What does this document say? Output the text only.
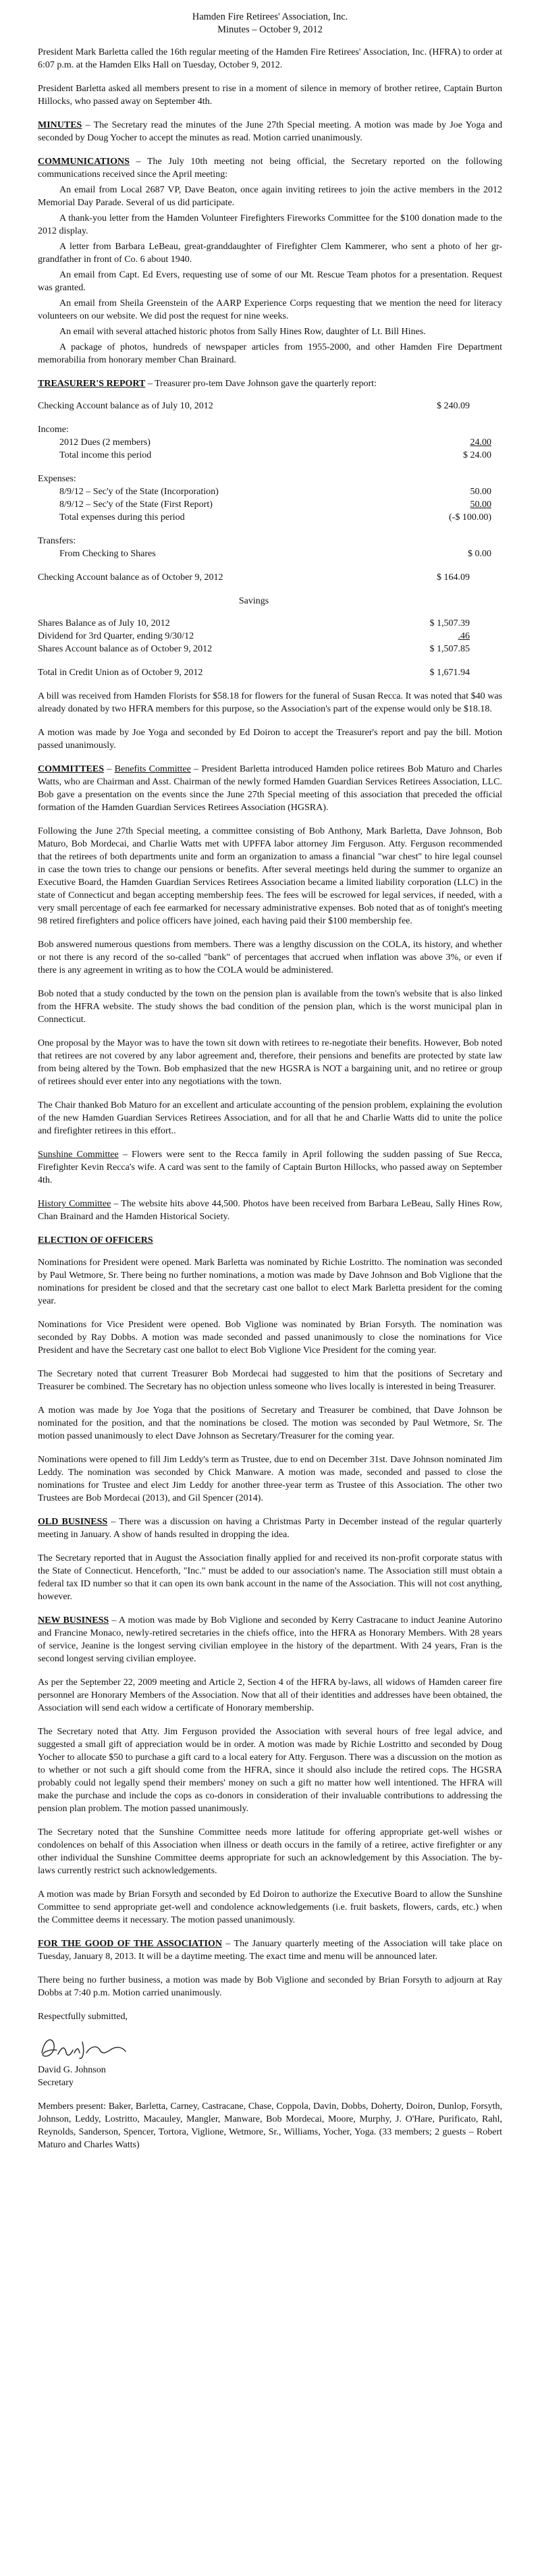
Hamden Fire Retirees' Association, Inc.
Minutes – October 9, 2012

President Mark Barletta called the 16th regular meeting of the Hamden Fire Retirees' Association, Inc. (HFRA) to order at 6:07 p.m. at the Hamden Elks Hall on Tuesday, October 9, 2012.

President Barletta asked all members present to rise in a moment of silence in memory of brother retiree, Captain Burton Hillocks, who passed away on September 4th.

MINUTES – The Secretary read the minutes of the June 27th Special meeting. A motion was made by Joe Yoga and seconded by Doug Yocher to accept the minutes as read. Motion carried unanimously.

COMMUNICATIONS – The July 10th meeting not being official, the Secretary reported on the following communications received since the April meeting:

An email from Local 2687 VP, Dave Beaton, once again inviting retirees to join the active members in the 2012 Memorial Day Parade. Several of us did participate.

A thank-you letter from the Hamden Volunteer Firefighters Fireworks Committee for the $100 donation made to the 2012 display.

A letter from Barbara LeBeau, great-granddaughter of Firefighter Clem Kammerer, who sent a photo of her gr-grandfather in front of Co. 6 about 1940.

An email from Capt. Ed Evers, requesting use of some of our Mt. Rescue Team photos for a presentation. Request was granted.

An email from Sheila Greenstein of the AARP Experience Corps requesting that we mention the need for literacy volunteers on our website. We did post the request for nine weeks.

An email with several attached historic photos from Sally Hines Row, daughter of Lt. Bill Hines.

A package of photos, hundreds of newspaper articles from 1955-2000, and other Hamden Fire Department memorabilia from honorary member Chan Brainard.

TREASURER'S REPORT – Treasurer pro-tem Dave Johnson gave the quarterly report:

Checking Account balance as of July 10, 2012	$ 240.09
Income:
2012 Dues (2 members)	24.00
Total income this period	$ 24.00
Expenses:
8/9/12 – Sec'y of the State (Incorporation)	50.00
8/9/12 – Sec'y of the State (First Report)	50.00
Total expenses during this period	(-$ 100.00)
Transfers:
From Checking to Shares	$ 0.00
Checking Account balance as of October 9, 2012	$ 164.09
Savings
Shares Balance as of July 10, 2012	$ 1,507.39
Dividend for 3rd Quarter, ending 9/30/12	.46
Shares Account balance as of October 9, 2012	$ 1,507.85
Total in Credit Union as of October 9, 2012	$ 1,671.94

A bill was received from Hamden Florists for $58.18 for flowers for the funeral of Susan Recca. It was noted that $40 was already donated by two HFRA members for this purpose, so the Association's part of the expense would only be $18.18.

A motion was made by Joe Yoga and seconded by Ed Doiron to accept the Treasurer's report and pay the bill. Motion passed unanimously.

COMMITTEES – Benefits Committee – President Barletta introduced Hamden police retirees Bob Maturo and Charles Watts, who are Chairman and Asst. Chairman of the newly formed Hamden Guardian Services Retirees Association, LLC. Bob gave a presentation on the events since the June 27th Special meeting of this association that preceded the official formation of the Hamden Guardian Services Retirees Association (HGSRA).

Following the June 27th Special meeting, a committee consisting of Bob Anthony, Mark Barletta, Dave Johnson, Bob Maturo, Bob Mordecai, and Charlie Watts met with UPFFA labor attorney Jim Ferguson. Atty. Ferguson recommended that the retirees of both departments unite and form an organization to amass a financial "war chest" to hire legal counsel in case the town tries to change our pensions or benefits. After several meetings held during the summer to organize an Executive Board, the Hamden Guardian Services Retirees Association became a limited liability corporation (LLC) in the state of Connecticut and began accepting membership fees. The fees will be escrowed for legal services, if needed, with a very small percentage of each fee earmarked for necessary administrative expenses. Bob noted that as of tonight's meeting 98 retired firefighters and police officers have joined, each having paid their $100 membership fee.

Bob answered numerous questions from members. There was a lengthy discussion on the COLA, its history, and whether or not there is any record of the so-called "bank" of percentages that accrued when inflation was above 3%, or even if there is any agreement in writing as to how the COLA would be administered.

Bob noted that a study conducted by the town on the pension plan is available from the town's website that is also linked from the HFRA website. The study shows the bad condition of the pension plan, which is the worst municipal plan in Connecticut.

One proposal by the Mayor was to have the town sit down with retirees to re-negotiate their benefits. However, Bob noted that retirees are not covered by any labor agreement and, therefore, their pensions and benefits are protected by state law from being altered by the Town. Bob emphasized that the new HGSRA is NOT a bargaining unit, and no retiree or group of retirees should ever enter into any negotiations with the town.

The Chair thanked Bob Maturo for an excellent and articulate accounting of the pension problem, explaining the evolution of the new Hamden Guardian Services Retirees Association, and for all that he and Charlie Watts did to unite the police and firefighter retirees in this effort..

Sunshine Committee – Flowers were sent to the Recca family in April following the sudden passing of Sue Recca, Firefighter Kevin Recca's wife. A card was sent to the family of Captain Burton Hillocks, who passed away on September 4th.

History Committee – The website hits above 44,500. Photos have been received from Barbara LeBeau, Sally Hines Row, Chan Brainard and the Hamden Historical Society.

ELECTION OF OFFICERS

Nominations for President were opened. Mark Barletta was nominated by Richie Lostritto. The nomination was seconded by Paul Wetmore, Sr. There being no further nominations, a motion was made by Dave Johnson and Bob Viglione that the nominations for president be closed and that the secretary cast one ballot to elect Mark Barletta president for the coming year.

Nominations for Vice President were opened. Bob Viglione was nominated by Brian Forsyth. The nomination was seconded by Ray Dobbs. A motion was made seconded and passed unanimously to close the nominations for Vice President and have the Secretary cast one ballot to elect Bob Viglione Vice President for the coming year.

The Secretary noted that current Treasurer Bob Mordecai had suggested to him that the positions of Secretary and Treasurer be combined. The Secretary has no objection unless someone who lives locally is interested in being Treasurer.

A motion was made by Joe Yoga that the positions of Secretary and Treasurer be combined, that Dave Johnson be nominated for the position, and that the nominations be closed. The motion was seconded by Paul Wetmore, Sr. The motion passed unanimously to elect Dave Johnson as Secretary/Treasurer for the coming year.

Nominations were opened to fill Jim Leddy's term as Trustee, due to end on December 31st. Dave Johnson nominated Jim Leddy. The nomination was seconded by Chick Manware. A motion was made, seconded and passed to close the nominations for Trustee and elect Jim Leddy for another three-year term as Trustee of this Association. The other two Trustees are Bob Mordecai (2013), and Gil Spencer (2014).

OLD BUSINESS – There was a discussion on having a Christmas Party in December instead of the regular quarterly meeting in January. A show of hands resulted in dropping the idea.

The Secretary reported that in August the Association finally applied for and received its non-profit corporate status with the State of Connecticut. Henceforth, "Inc." must be added to our association's name. The Association still must obtain a federal tax ID number so that it can open its own bank account in the name of the Association. This will not cost anything, however.

NEW BUSINESS – A motion was made by Bob Viglione and seconded by Kerry Castracane to induct Jeanine Autorino and Francine Monaco, newly-retired secretaries in the chiefs office, into the HFRA as Honorary Members. With 28 years of service, Jeanine is the longest serving civilian employee in the history of the department. With 24 years, Fran is the second longest serving civilian employee.

As per the September 22, 2009 meeting and Article 2, Section 4 of the HFRA by-laws, all widows of Hamden career fire personnel are Honorary Members of the Association. Now that all of their identities and addresses have been obtained, the Association will send each widow a certificate of Honorary membership.

The Secretary noted that Atty. Jim Ferguson provided the Association with several hours of free legal advice, and suggested a small gift of appreciation would be in order. A motion was made by Richie Lostritto and seconded by Doug Yocher to allocate $50 to purchase a gift card to a local eatery for Atty. Ferguson. There was a discussion on the motion as to whether or not such a gift should come from the HFRA, since it should also include the retired cops. The HGSRA probably could not legally spend their members' money on such a gift no matter how well intentioned. The HFRA will make the purchase and include the cops as co-donors in consideration of their invaluable contributions to addressing the pension plan problem. The motion passed unanimously.

The Secretary noted that the Sunshine Committee needs more latitude for offering appropriate get-well wishes or condolences on behalf of this Association when illness or death occurs in the family of a retiree, active firefighter or any other individual the Sunshine Committee deems appropriate for such an acknowledgement by this Association. The by-laws currently restrict such acknowledgements.

A motion was made by Brian Forsyth and seconded by Ed Doiron to authorize the Executive Board to allow the Sunshine Committee to send appropriate get-well and condolence acknowledgements (i.e. fruit baskets, flowers, cards, etc.) when the Committee deems it necessary. The motion passed unanimously.

FOR THE GOOD OF THE ASSOCIATION – The January quarterly meeting of the Association will take place on Tuesday, January 8, 2013. It will be a daytime meeting. The exact time and menu will be announced later.

There being no further business, a motion was made by Bob Viglione and seconded by Brian Forsyth to adjourn at Ray Dobbs at 7:40 p.m. Motion carried unanimously.

Respectfully submitted,

David G. Johnson

Secretary

Members present: Baker, Barletta, Carney, Castracane, Chase, Coppola, Davin, Dobbs, Doherty, Doiron, Dunlop, Forsyth, Johnson, Leddy, Lostritto, Macauley, Mangler, Manware, Bob Mordecai, Moore, Murphy, J. O'Hare, Purificato, Rahl, Reynolds, Sanderson, Spencer, Tortora, Viglione, Wetmore, Sr., Williams, Yocher, Yoga. (33 members; 2 guests – Robert Maturo and Charles Watts)
